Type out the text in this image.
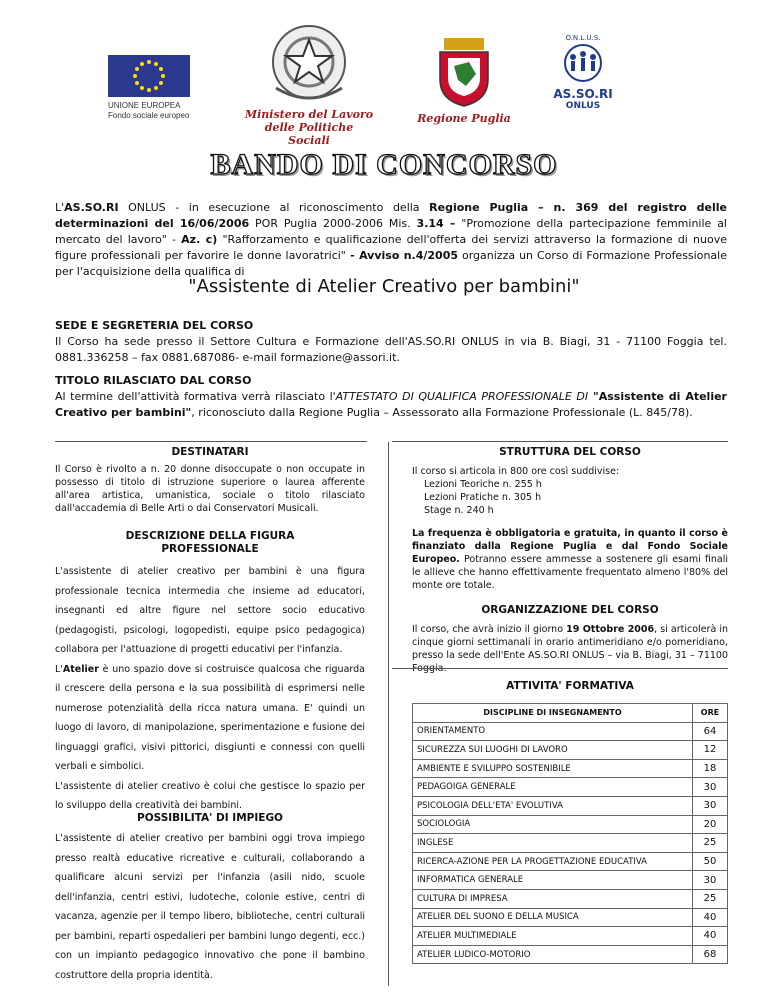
UNIONE EUROPEA
Fondo sociale europeo	Ministero del Lavoro
delle Politiche Sociali
Regione Puglia
O.N.L.U.S.
AS.SO.RI
ONLUS
BANDO DI CONCORSO
L'AS.SO.RI ONLUS - in esecuzione al riconoscimento della Regione Puglia – n. 369 del registro delle determinazioni del 16/06/2006 POR Puglia 2000-2006 Mis. 3.14 – "Promozione della partecipazione femminile al mercato del lavoro" - Az. c) "Rafforzamento e qualificazione dell'offerta dei servizi attraverso la formazione di nuove figure professionali per favorire le donne lavoratrici" - Avviso n.4/2005 organizza un Corso di Formazione Professionale per l'acquisizione della qualifica di
"Assistente di Atelier Creativo per bambini"
SEDE E SEGRETERIA DEL CORSO
Il Corso ha sede presso il Settore Cultura e Formazione dell'AS.SO.RI ONLUS in via B. Biagi, 31 - 71100 Foggia tel. 0881.336258 – fax 0881.687086- e-mail formazione@assori.it.
TITOLO RILASCIATO DAL CORSO
Al termine dell'attività formativa verrà rilasciato l'ATTESTATO DI QUALIFICA PROFESSIONALE DI "Assistente di Atelier Creativo per bambini", riconosciuto dalla Regione Puglia – Assessorato alla Formazione Professionale (L. 845/78).
DESTINATARI
Il Corso è rivolto a n. 20 donne disoccupate o non occupate in possesso di titolo di istruzione superiore o laurea afferente all'area artistica, umanistica, sociale o titolo rilasciato dall'accademia di Belle Arti o dai Conservatori Musicali.
DESCRIZIONE DELLA FIGURA PROFESSIONALE
L'assistente di atelier creativo per bambini è una figura professionale tecnica intermedia che insieme ad educatori, insegnanti ed altre figure nel settore socio educativo (pedagogisti, psicologi, logopedisti, equipe psico pedagogica) collabora per l'attuazione di progetti educativi per l'infanzia.
L'Atelier è uno spazio dove si costruisce qualcosa che riguarda il crescere della persona e la sua possibilità di esprimersi nelle numerose potenzialità della ricca natura umana. E' quindi un luogo di lavoro, di manipolazione, sperimentazione e fusione dei linguaggi grafici, visivi pittorici, disgiunti e connessi con quelli verbali e simbolici.
L'assistente di atelier creativo è colui che gestisce lo spazio per lo sviluppo della creatività dei bambini.
POSSIBILITA' DI IMPIEGO
L'assistente di atelier creativo per bambini oggi trova impiego presso realtà educative ricreative e culturali, collaborando a qualificare alcuni servizi per l'infanzia (asili nido, scuole dell'infanzia, centri estivi, ludoteche, colonie estive, centri di vacanza, agenzie per il tempo libero, biblioteche, centri culturali per bambini, reparti ospedalieri per bambini lungo degenti, ecc.) con un impianto pedagogico innovativo che pone il bambino costruttore della propria identità.
STRUTTURA DEL CORSO
Il corso si articola in 800 ore così suddivise:
Lezioni Teoriche n. 255 h
Lezioni Pratiche n. 305 h
Stage n. 240 h
La frequenza è obbligatoria e gratuita, in quanto il corso è finanziato dalla Regione Puglia e dal Fondo Sociale Europeo. Potranno essere ammesse a sostenere gli esami finali le allieve che hanno effettivamente frequentato almeno l'80% del monte ore totale.
ORGANIZZAZIONE DEL CORSO
Il corso, che avrà inizio il giorno 19 Ottobre 2006, si articolerà in cinque giorni settimanali in orario antimeridiano e/o pomeridiano, presso la sede dell'Ente AS.SO.RI ONLUS – via B. Biagi, 31 – 71100 Foggia.
ATTIVITA' FORMATIVA
DISCIPLINE DI INSEGNAMENTO	ORE
ORIENTAMENTO	64
SICUREZZA SUI LUOGHI DI LAVORO	12
AMBIENTE E SVILUPPO SOSTENIBILE	18
PEDAGOIGA GENERALE	30
PSICOLOGIA DELL'ETA' EVOLUTIVA	30
SOCIOLOGIA	20
INGLESE	25
RICERCA-AZIONE PER LA PROGETTAZIONE EDUCATIVA	50
INFORMATICA GENERALE	30
CULTURA DI IMPRESA	25
ATELIER DEL SUONO E DELLA MUSICA	40
ATELIER MULTIMEDIALE	40
ATELIER LUDICO-MOTORIO	68
